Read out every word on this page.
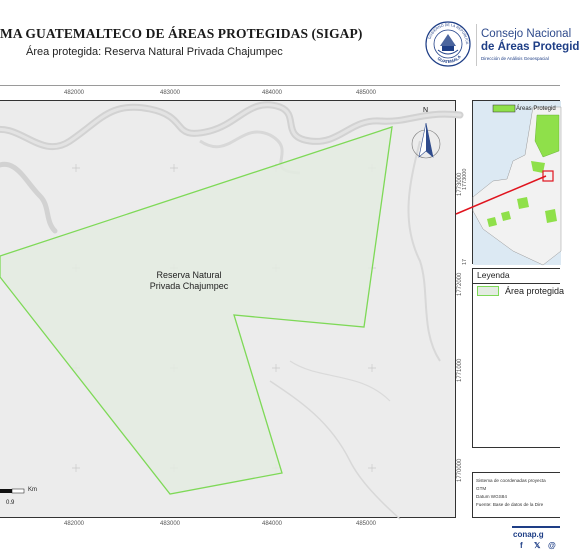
MA GUATEMALTECO DE ÁREAS PROTEGIDAS (SIGAP)
Área protegida: Reserva Natural Privada Chajumpec
GOBIERNO DE LA REPÚBLICA
GUATEMALA
Consejo Nacional
de Áreas Protegid
Dirección de Análisis Geoespacial
482000	483000	484000	485000
Reserva Natural
Privada Chajumpec
N
Km
0.9
1773000
1772000
1771000
1770000
482000	483000	484000	485000
Áreas Protegid
1773000
17
Leyenda
Área protegida
Sistema de coordenadas proyecta
GTM
Datum WGS84
Fuente: Base de datos de la Dire
conap.g
f 𝕏 @
